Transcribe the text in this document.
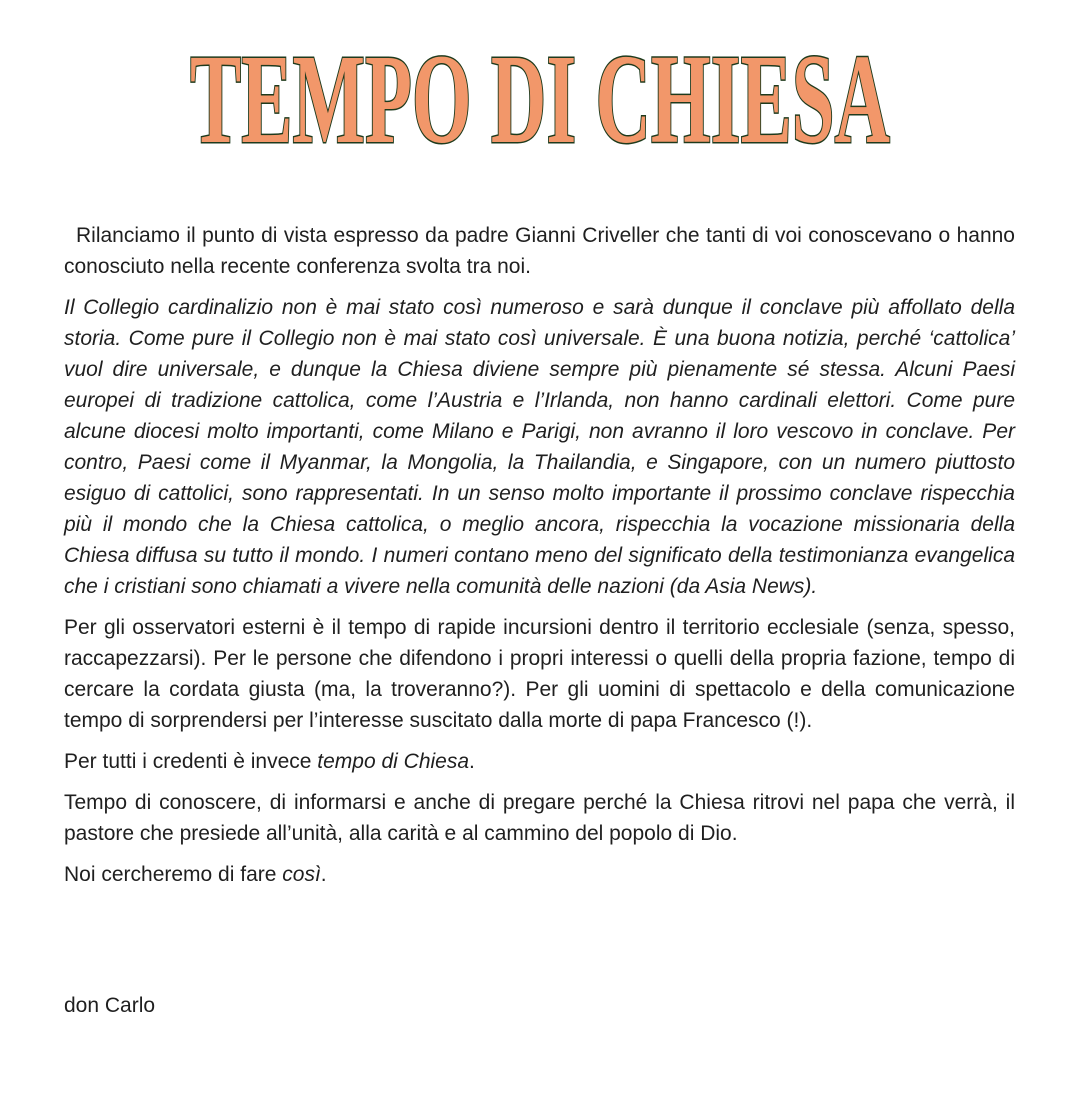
TEMPO DI CHIESA

Rilanciamo il punto di vista espresso da padre Gianni Criveller che tanti di voi conoscevano o hanno conosciuto nella recente conferenza svolta tra noi.

Il Collegio cardinalizio non è mai stato così numeroso e sarà dunque il conclave più affollato della storia. Come pure il Collegio non è mai stato così universale. È una buona notizia, perché ‘cattolica’ vuol dire universale, e dunque la Chiesa diviene sempre più pienamente sé stessa. Alcuni Paesi europei di tradizione cattolica, come l’Austria e l’Irlanda, non hanno cardinali elettori. Come pure alcune diocesi molto importanti, come Milano e Parigi, non avranno il loro vescovo in conclave. Per contro, Paesi come il Myanmar, la Mongolia, la Thailandia, e Singapore, con un numero piuttosto esiguo di cattolici, sono rappresentati. In un senso molto importante il prossimo conclave rispecchia più il mondo che la Chiesa cattolica, o meglio ancora, rispecchia la vocazione missionaria della Chiesa diffusa su tutto il mondo. I numeri contano meno del significato della testimonianza evangelica che i cristiani sono chiamati a vivere nella comunità delle nazioni (da Asia News).

Per gli osservatori esterni è il tempo di rapide incursioni dentro il territorio ecclesiale (senza, spesso, raccapezzarsi). Per le persone che difendono i propri interessi o quelli della propria fazione, tempo di cercare la cordata giusta (ma, la troveranno?). Per gli uomini di spettacolo e della comunicazione tempo di sorprendersi per l’interesse suscitato dalla morte di papa Francesco (!).

Per tutti i credenti è invece tempo di Chiesa.

Tempo di conoscere, di informarsi e anche di pregare perché la Chiesa ritrovi nel papa che verrà, il pastore che presiede all’unità, alla carità e al cammino del popolo di Dio.

Noi cercheremo di fare così.

don Carlo
